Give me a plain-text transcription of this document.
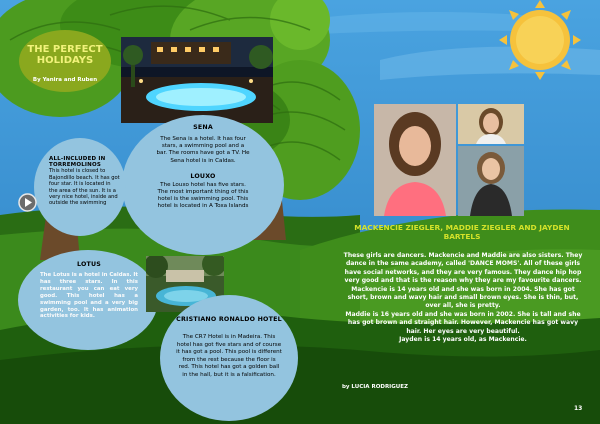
THE PERFECT
HOLIDAYS
By Yanira and Ruben
SENA
The Sena is a hotel. It has four stars, a swimming pool and a bar. The rooms have got a TV. He Sena hotel is in Caldas.
LOUXO
The Louxo hotel has five stars. The most important thing of this hotel is the swimming pool. This hotel is located in A Toxa Islands
ALL-INCLUDED IN TORREMOLINOS
This hotel is closed to Bajondillo beach. It has got four star. It is located in the area of the sun. It is a very nice hotel, inside and outside the swimming
LOTUS
The Lotus is a hotel in Caldas. It has three stars. In this restaurant you can eat very good. This hotel has a swimming pool and a very big garden, too. It has animation activities for kids.	CRISTIANO RONALDO HOTEL
The CR7 Hotel is in Madeira. This hotel has got five stars and of course it has got a pool. This pool is different from the rest because the floor is red. This hotel has got a golden ball in the hall, but it is a falsification.
MACKENCIE ZIEGLER, MADDIE ZIEGLER AND JAYDEN
BARTELS
These girls are dancers. Mackencie and Maddie are also sisters. They dance in the same academy, called 'DANCE MOMS'. All of these girls have social networks, and they are very famous. They dance hip hop very good and that is the reason why they are my favourite dancers.
Mackencie is 14 years old and she was born in 2004. She has got short, brown and wavy hair and small brown eyes. She is thin, but, over all, she is pretty.
Maddie is 16 years old and she was born in 2002. She is tall and she has got brown and straight hair. However, Mackencie has got wavy hair. Her eyes are very beautiful.
Jayden is 14 years old, as Mackencie.
by LUCIA RODRIGUEZ
13
